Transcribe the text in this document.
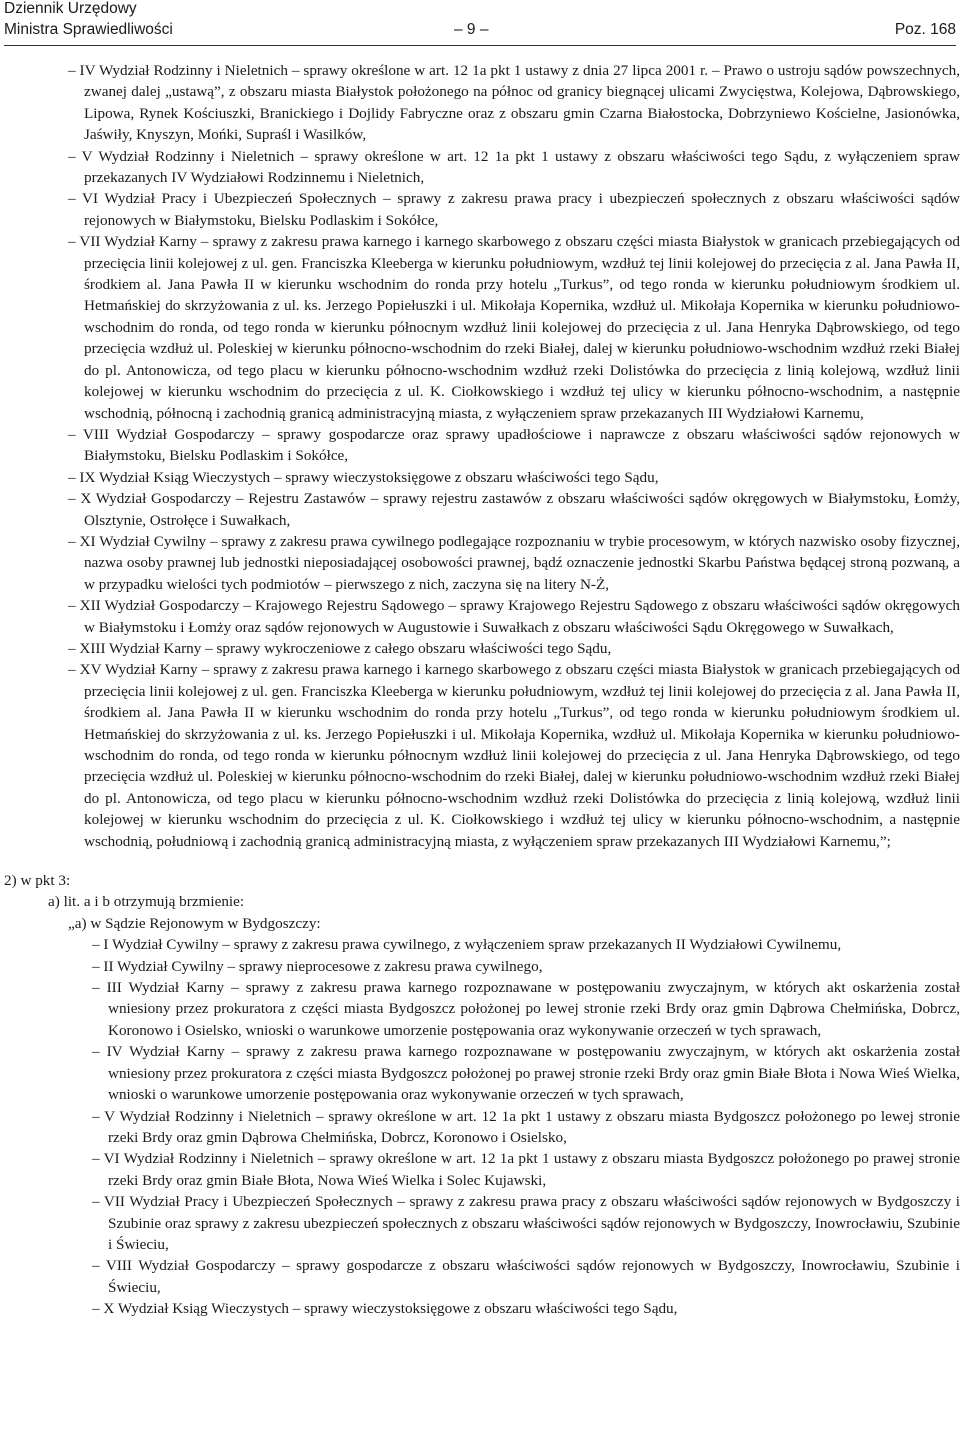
Dziennik Urzędowy
Ministra Sprawiedliwości	– 9 –	Poz. 168

– IV Wydział Rodzinny i Nieletnich – sprawy określone w art. 12 1a pkt 1 ustawy z dnia 27 lipca 2001 r. – Prawo o ustroju sądów powszechnych, zwanej dalej „ustawą”, z obszaru miasta Białystok położonego na północ od granicy biegnącej ulicami Zwycięstwa, Kolejowa, Dąbrowskiego, Lipowa, Rynek Kościuszki, Branickiego i Dojlidy Fabryczne oraz z obszaru gmin Czarna Białostocka, Dobrzyniewo Kościelne, Jasionówka, Jaświły, Knyszyn, Mońki, Supraśl i Wasilków,

– V Wydział Rodzinny i Nieletnich – sprawy określone w art. 12 1a pkt 1 ustawy z obszaru właściwości tego Sądu, z wyłączeniem spraw przekazanych IV Wydziałowi Rodzinnemu i Nieletnich,

– VI Wydział Pracy i Ubezpieczeń Społecznych – sprawy z zakresu prawa pracy i ubezpieczeń społecznych z obszaru właściwości sądów rejonowych w Białymstoku, Bielsku Podlaskim i Sokółce,

– VII Wydział Karny – sprawy z zakresu prawa karnego i karnego skarbowego z obszaru części miasta Białystok w granicach przebiegających od przecięcia linii kolejowej z ul. gen. Franciszka Kleeberga w kierunku południowym, wzdłuż tej linii kolejowej do przecięcia z al. Jana Pawła II, środkiem al. Jana Pawła II w kierunku wschodnim do ronda przy hotelu „Turkus”, od tego ronda w kierunku południowym środkiem ul. Hetmańskiej do skrzyżowania z ul. ks. Jerzego Popiełuszki i ul. Mikołaja Kopernika, wzdłuż ul. Mikołaja Kopernika w kierunku południowo-wschodnim do ronda, od tego ronda w kierunku północnym wzdłuż linii kolejowej do przecięcia z ul. Jana Henryka Dąbrowskiego, od tego przecięcia wzdłuż ul. Poleskiej w kierunku północno-wschodnim do rzeki Białej, dalej w kierunku południowo-wschodnim wzdłuż rzeki Białej do pl. Antonowicza, od tego placu w kierunku północno-wschodnim wzdłuż rzeki Dolistówka do przecięcia z linią kolejową, wzdłuż linii kolejowej w kierunku wschodnim do przecięcia z ul. K. Ciołkowskiego i wzdłuż tej ulicy w kierunku północno-wschodnim, a następnie wschodnią, północną i zachodnią granicą administracyjną miasta, z wyłączeniem spraw przekazanych III Wydziałowi Karnemu,

– VIII Wydział Gospodarczy – sprawy gospodarcze oraz sprawy upadłościowe i naprawcze z obszaru właściwości sądów rejonowych w Białymstoku, Bielsku Podlaskim i Sokółce,

– IX Wydział Ksiąg Wieczystych – sprawy wieczystoksięgowe z obszaru właściwości tego Sądu,

– X Wydział Gospodarczy – Rejestru Zastawów – sprawy rejestru zastawów z obszaru właściwości sądów okręgowych w Białymstoku, Łomży, Olsztynie, Ostrołęce i Suwałkach,

– XI Wydział Cywilny – sprawy z zakresu prawa cywilnego podlegające rozpoznaniu w trybie procesowym, w których nazwisko osoby fizycznej, nazwa osoby prawnej lub jednostki nieposiadającej osobowości prawnej, bądź oznaczenie jednostki Skarbu Państwa będącej stroną pozwaną, a w przypadku wielości tych podmiotów – pierwszego z nich, zaczyna się na litery N-Ż,

– XII Wydział Gospodarczy – Krajowego Rejestru Sądowego – sprawy Krajowego Rejestru Sądowego z obszaru właściwości sądów okręgowych w Białymstoku i Łomży oraz sądów rejonowych w Augustowie i Suwałkach z obszaru właściwości Sądu Okręgowego w Suwałkach,

– XIII Wydział Karny – sprawy wykroczeniowe z całego obszaru właściwości tego Sądu,

– XV Wydział Karny – sprawy z zakresu prawa karnego i karnego skarbowego z obszaru części miasta Białystok w granicach przebiegających od przecięcia linii kolejowej z ul. gen. Franciszka Kleeberga w kierunku południowym, wzdłuż tej linii kolejowej do przecięcia z al. Jana Pawła II, środkiem al. Jana Pawła II w kierunku wschodnim do ronda przy hotelu „Turkus”, od tego ronda w kierunku południowym środkiem ul. Hetmańskiej do skrzyżowania z ul. ks. Jerzego Popiełuszki i ul. Mikołaja Kopernika, wzdłuż ul. Mikołaja Kopernika w kierunku południowo-wschodnim do ronda, od tego ronda w kierunku północnym wzdłuż linii kolejowej do przecięcia z ul. Jana Henryka Dąbrowskiego, od tego przecięcia wzdłuż ul. Poleskiej w kierunku północno-wschodnim do rzeki Białej, dalej w kierunku południowo-wschodnim wzdłuż rzeki Białej do pl. Antonowicza, od tego placu w kierunku północno-wschodnim wzdłuż rzeki Dolistówka do przecięcia z linią kolejową, wzdłuż linii kolejowej w kierunku wschodnim do przecięcia z ul. K. Ciołkowskiego i wzdłuż tej ulicy w kierunku północno-wschodnim, a następnie wschodnią, południową i zachodnią granicą administracyjną miasta, z wyłączeniem spraw przekazanych III Wydziałowi Karnemu,”;

2) w pkt 3:

a) lit. a i b otrzymują brzmienie:

„a) w Sądzie Rejonowym w Bydgoszczy:

– I Wydział Cywilny – sprawy z zakresu prawa cywilnego, z wyłączeniem spraw przekazanych II Wydziałowi Cywilnemu,

– II Wydział Cywilny – sprawy nieprocesowe z zakresu prawa cywilnego,

– III Wydział Karny – sprawy z zakresu prawa karnego rozpoznawane w postępowaniu zwyczajnym, w których akt oskarżenia został wniesiony przez prokuratora z części miasta Bydgoszcz położonej po lewej stronie rzeki Brdy oraz gmin Dąbrowa Chełmińska, Dobrcz, Koronowo i Osielsko, wnioski o warunkowe umorzenie postępowania oraz wykonywanie orzeczeń w tych sprawach,

– IV Wydział Karny – sprawy z zakresu prawa karnego rozpoznawane w postępowaniu zwyczajnym, w których akt oskarżenia został wniesiony przez prokuratora z części miasta Bydgoszcz położonej po prawej stronie rzeki Brdy oraz gmin Białe Błota i Nowa Wieś Wielka, wnioski o warunkowe umorzenie postępowania oraz wykonywanie orzeczeń w tych sprawach,

– V Wydział Rodzinny i Nieletnich – sprawy określone w art. 12 1a pkt 1 ustawy z obszaru miasta Bydgoszcz położonego po lewej stronie rzeki Brdy oraz gmin Dąbrowa Chełmińska, Dobrcz, Koronowo i Osielsko,

– VI Wydział Rodzinny i Nieletnich – sprawy określone w art. 12 1a pkt 1 ustawy z obszaru miasta Bydgoszcz położonego po prawej stronie rzeki Brdy oraz gmin Białe Błota, Nowa Wieś Wielka i Solec Kujawski,

– VII Wydział Pracy i Ubezpieczeń Społecznych – sprawy z zakresu prawa pracy z obszaru właściwości sądów rejonowych w Bydgoszczy i Szubinie oraz sprawy z zakresu ubezpieczeń społecznych z obszaru właściwości sądów rejonowych w Bydgoszczy, Inowrocławiu, Szubinie i Świeciu,

– VIII Wydział Gospodarczy – sprawy gospodarcze z obszaru właściwości sądów rejonowych w Bydgoszczy, Inowrocławiu, Szubinie i Świeciu,

– X Wydział Ksiąg Wieczystych – sprawy wieczystoksięgowe z obszaru właściwości tego Sądu,
